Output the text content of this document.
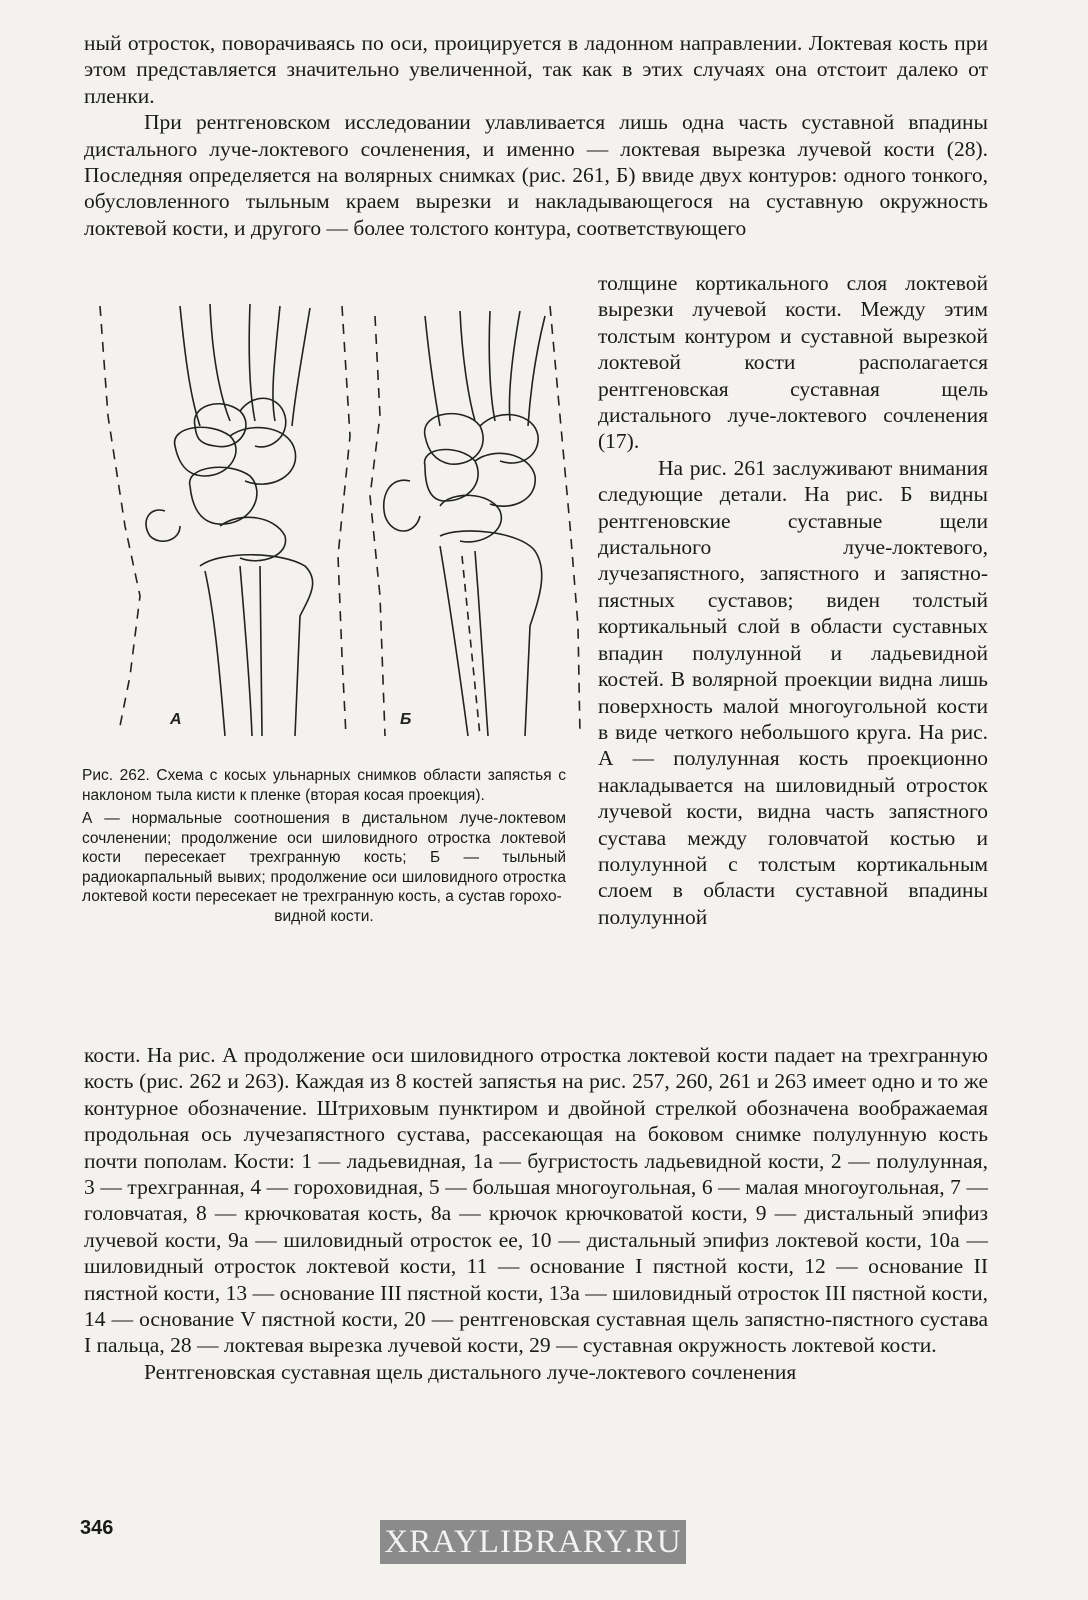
ный отросток, поворачиваясь по оси, проицируется в ладонном направлении. Локтевая кость при этом представляется значительно увеличенной, так как в этих случаях она отстоит далеко от пленки.

При рентгеновском исследовании улавливается лишь одна часть суставной впадины дистального луче-локтевого сочленения, и именно — локтевая вырезка лучевой кости (28). Последняя определяется на волярных снимках (рис. 261, Б) ввиде двух контуров: одного тонкого, обусловленного тыльным краем вырезки и накладывающегося на суставную окружность локтевой кости, и другого — более толстого контура, соответствующего

А	Б

Рис. 262. Схема с косых ульнарных снимков области запястья с наклоном тыла кисти к пленке (вторая косая проекция).

А — нормальные соотношения в дистальном луче-локтевом сочленении; продолжение оси шиловидного отростка локтевой кости пересекает трехгранную кость; Б — тыльный радиокарпальный вывих; продолжение оси шиловидного отростка локтевой кости пересекает не трехгранную кость, а сустав горохо-

видной кости.

толщине кортикального слоя локтевой вырезки лучевой кости. Между этим толстым контуром и суставной вырезкой локтевой кости располагается рентгеновская суставная щель дистального луче-локтевого сочленения (17).

На рис. 261 заслуживают внимания следующие детали. На рис. Б видны рентгеновские суставные щели дистального луче-локтевого, лучезапястного, запястного и запястно-пястных суставов; виден толстый кортикальный слой в области суставных впадин полулунной и ладьевидной костей. В волярной проекции видна лишь поверхность малой многоугольной кости в виде четкого небольшого круга. На рис. А — полулунная кость проекционно накладывается на шиловидный отросток лучевой кости, видна часть запястного сустава между головчатой костью и полулунной с толстым кортикальным слоем в области суставной впадины полулунной

кости. На рис. А продолжение оси шиловидного отростка локтевой кости падает на трехгранную кость (рис. 262 и 263). Каждая из 8 костей запястья на рис. 257, 260, 261 и 263 имеет одно и то же контурное обозначение. Штриховым пунктиром и двойной стрелкой обозначена воображаемая продольная ось лучезапястного сустава, рассекающая на боковом снимке полулунную кость почти пополам. Кости: 1 — ладьевидная, 1а — бугристость ладьевидной кости, 2 — полулунная, 3 — трехгранная, 4 — гороховидная, 5 — большая многоугольная, 6 — малая многоугольная, 7 — головчатая, 8 — крючковатая кость, 8а — крючок крючковатой кости, 9 — дистальный эпифиз лучевой кости, 9а — шиловидный отросток ее, 10 — дистальный эпифиз локтевой кости, 10а — шиловидный отросток локтевой кости, 11 — основание I пястной кости, 12 — основание II пястной кости, 13 — основание III пястной кости, 13а — шиловидный отросток III пястной кости, 14 — основание V пястной кости, 20 — рентгеновская суставная щель запястно-пястного сустава I пальца, 28 — локтевая вырезка лучевой кости, 29 — суставная окружность локтевой кости.

Рентгеновская суставная щель дистального луче-локтевого сочленения

346	XRAYLIBRARY.RU
